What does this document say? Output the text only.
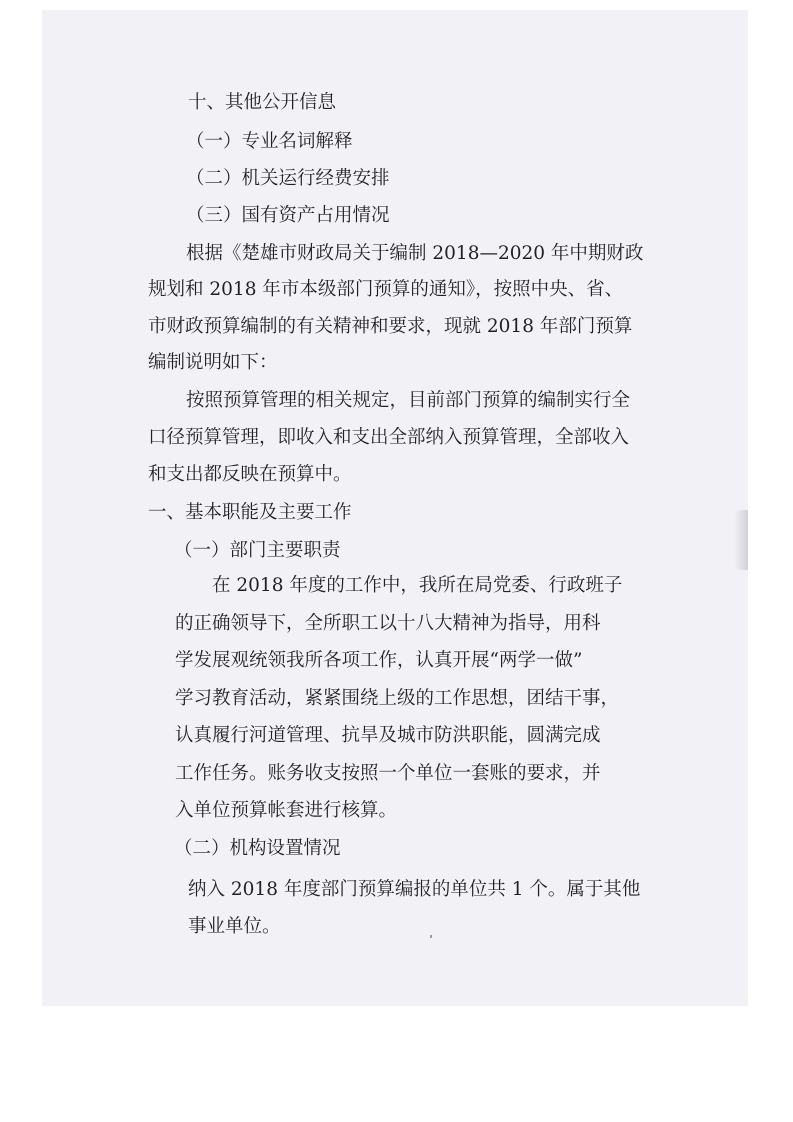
十、其他公开信息

（一）专业名词解释

（二）机关运行经费安排

（三）国有资产占用情况

根据《楚雄市财政局关于编制 2018—2020 年中期财政

规划和 2018 年市本级部门预算的通知》，按照中央、省、

市财政预算编制的有关精神和要求，现就 2018 年部门预算

编制说明如下：

按照预算管理的相关规定，目前部门预算的编制实行全

口径预算管理，即收入和支出全部纳入预算管理，全部收入

和支出都反映在预算中。

一、基本职能及主要工作

（一）部门主要职责

在 2018 年度的工作中，我所在局党委、行政班子

的正确领导下，全所职工以十八大精神为指导，用科

学发展观统领我所各项工作，认真开展“两学一做”

学习教育活动，紧紧围绕上级的工作思想，团结干事，

认真履行河道管理、抗旱及城市防洪职能，圆满完成

工作任务。账务收支按照一个单位一套账的要求，并

入单位预算帐套进行核算。

（二）机构设置情况

纳入 2018 年度部门预算编报的单位共 1 个。属于其他

事业单位。
